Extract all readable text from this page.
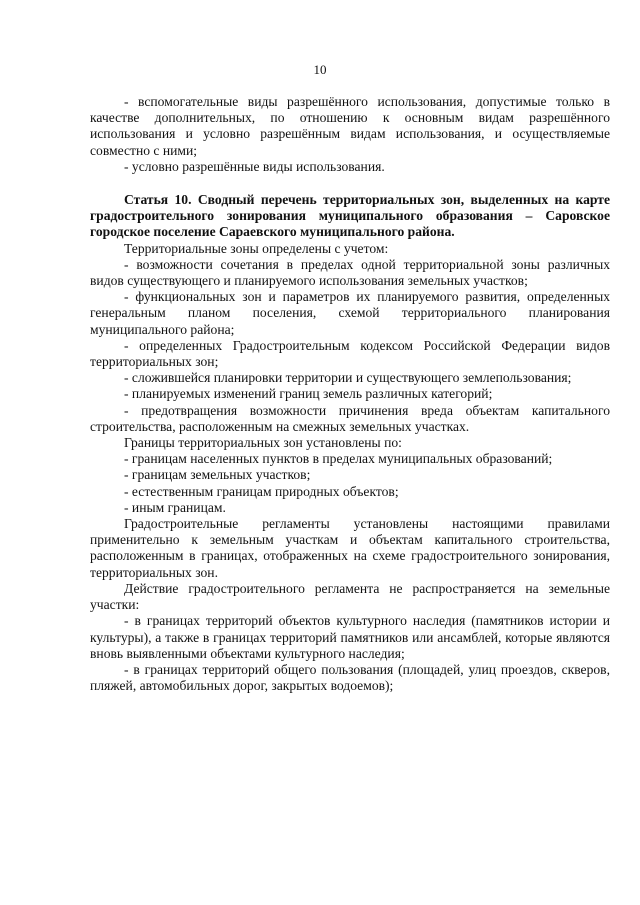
10

- вспомогательные виды разрешённого использования, допустимые только в качестве дополнительных, по отношению к основным видам разрешённого использования и условно разрешённым видам использования, и осуществляемые совместно с ними;

- условно разрешённые виды использования.

Статья 10. Сводный перечень территориальных зон, выделенных на карте градостроительного зонирования муниципального образования – Саровское городское поселение Сараевского муниципального района.

Территориальные зоны определены с учетом:

- возможности сочетания в пределах одной территориальной зоны различных видов существующего и планируемого использования земельных участков;

- функциональных зон и параметров их планируемого развития, определенных генеральным планом поселения, схемой территориального планирования муниципального района;

- определенных Градостроительным кодексом Российской Федерации видов территориальных зон;

- сложившейся планировки территории и существующего землепользования;

- планируемых изменений границ земель различных категорий;

- предотвращения возможности причинения вреда объектам капитального строительства, расположенным на смежных земельных участках.

Границы территориальных зон установлены по:

- границам населенных пунктов в пределах муниципальных образований;

- границам земельных участков;

- естественным границам природных объектов;

- иным границам.

Градостроительные регламенты установлены настоящими правилами применительно к земельным участкам и объектам капитального строительства, расположенным в границах, отображенных на схеме градостроительного зонирования, территориальных зон.

Действие градостроительного регламента не распространяется на земельные участки:

- в границах территорий объектов культурного наследия (памятников истории и культуры), а также в границах территорий памятников или ансамблей, которые являются вновь выявленными объектами культурного наследия;

- в границах территорий общего пользования (площадей, улиц проездов, скверов, пляжей, автомобильных дорог, закрытых водоемов);
